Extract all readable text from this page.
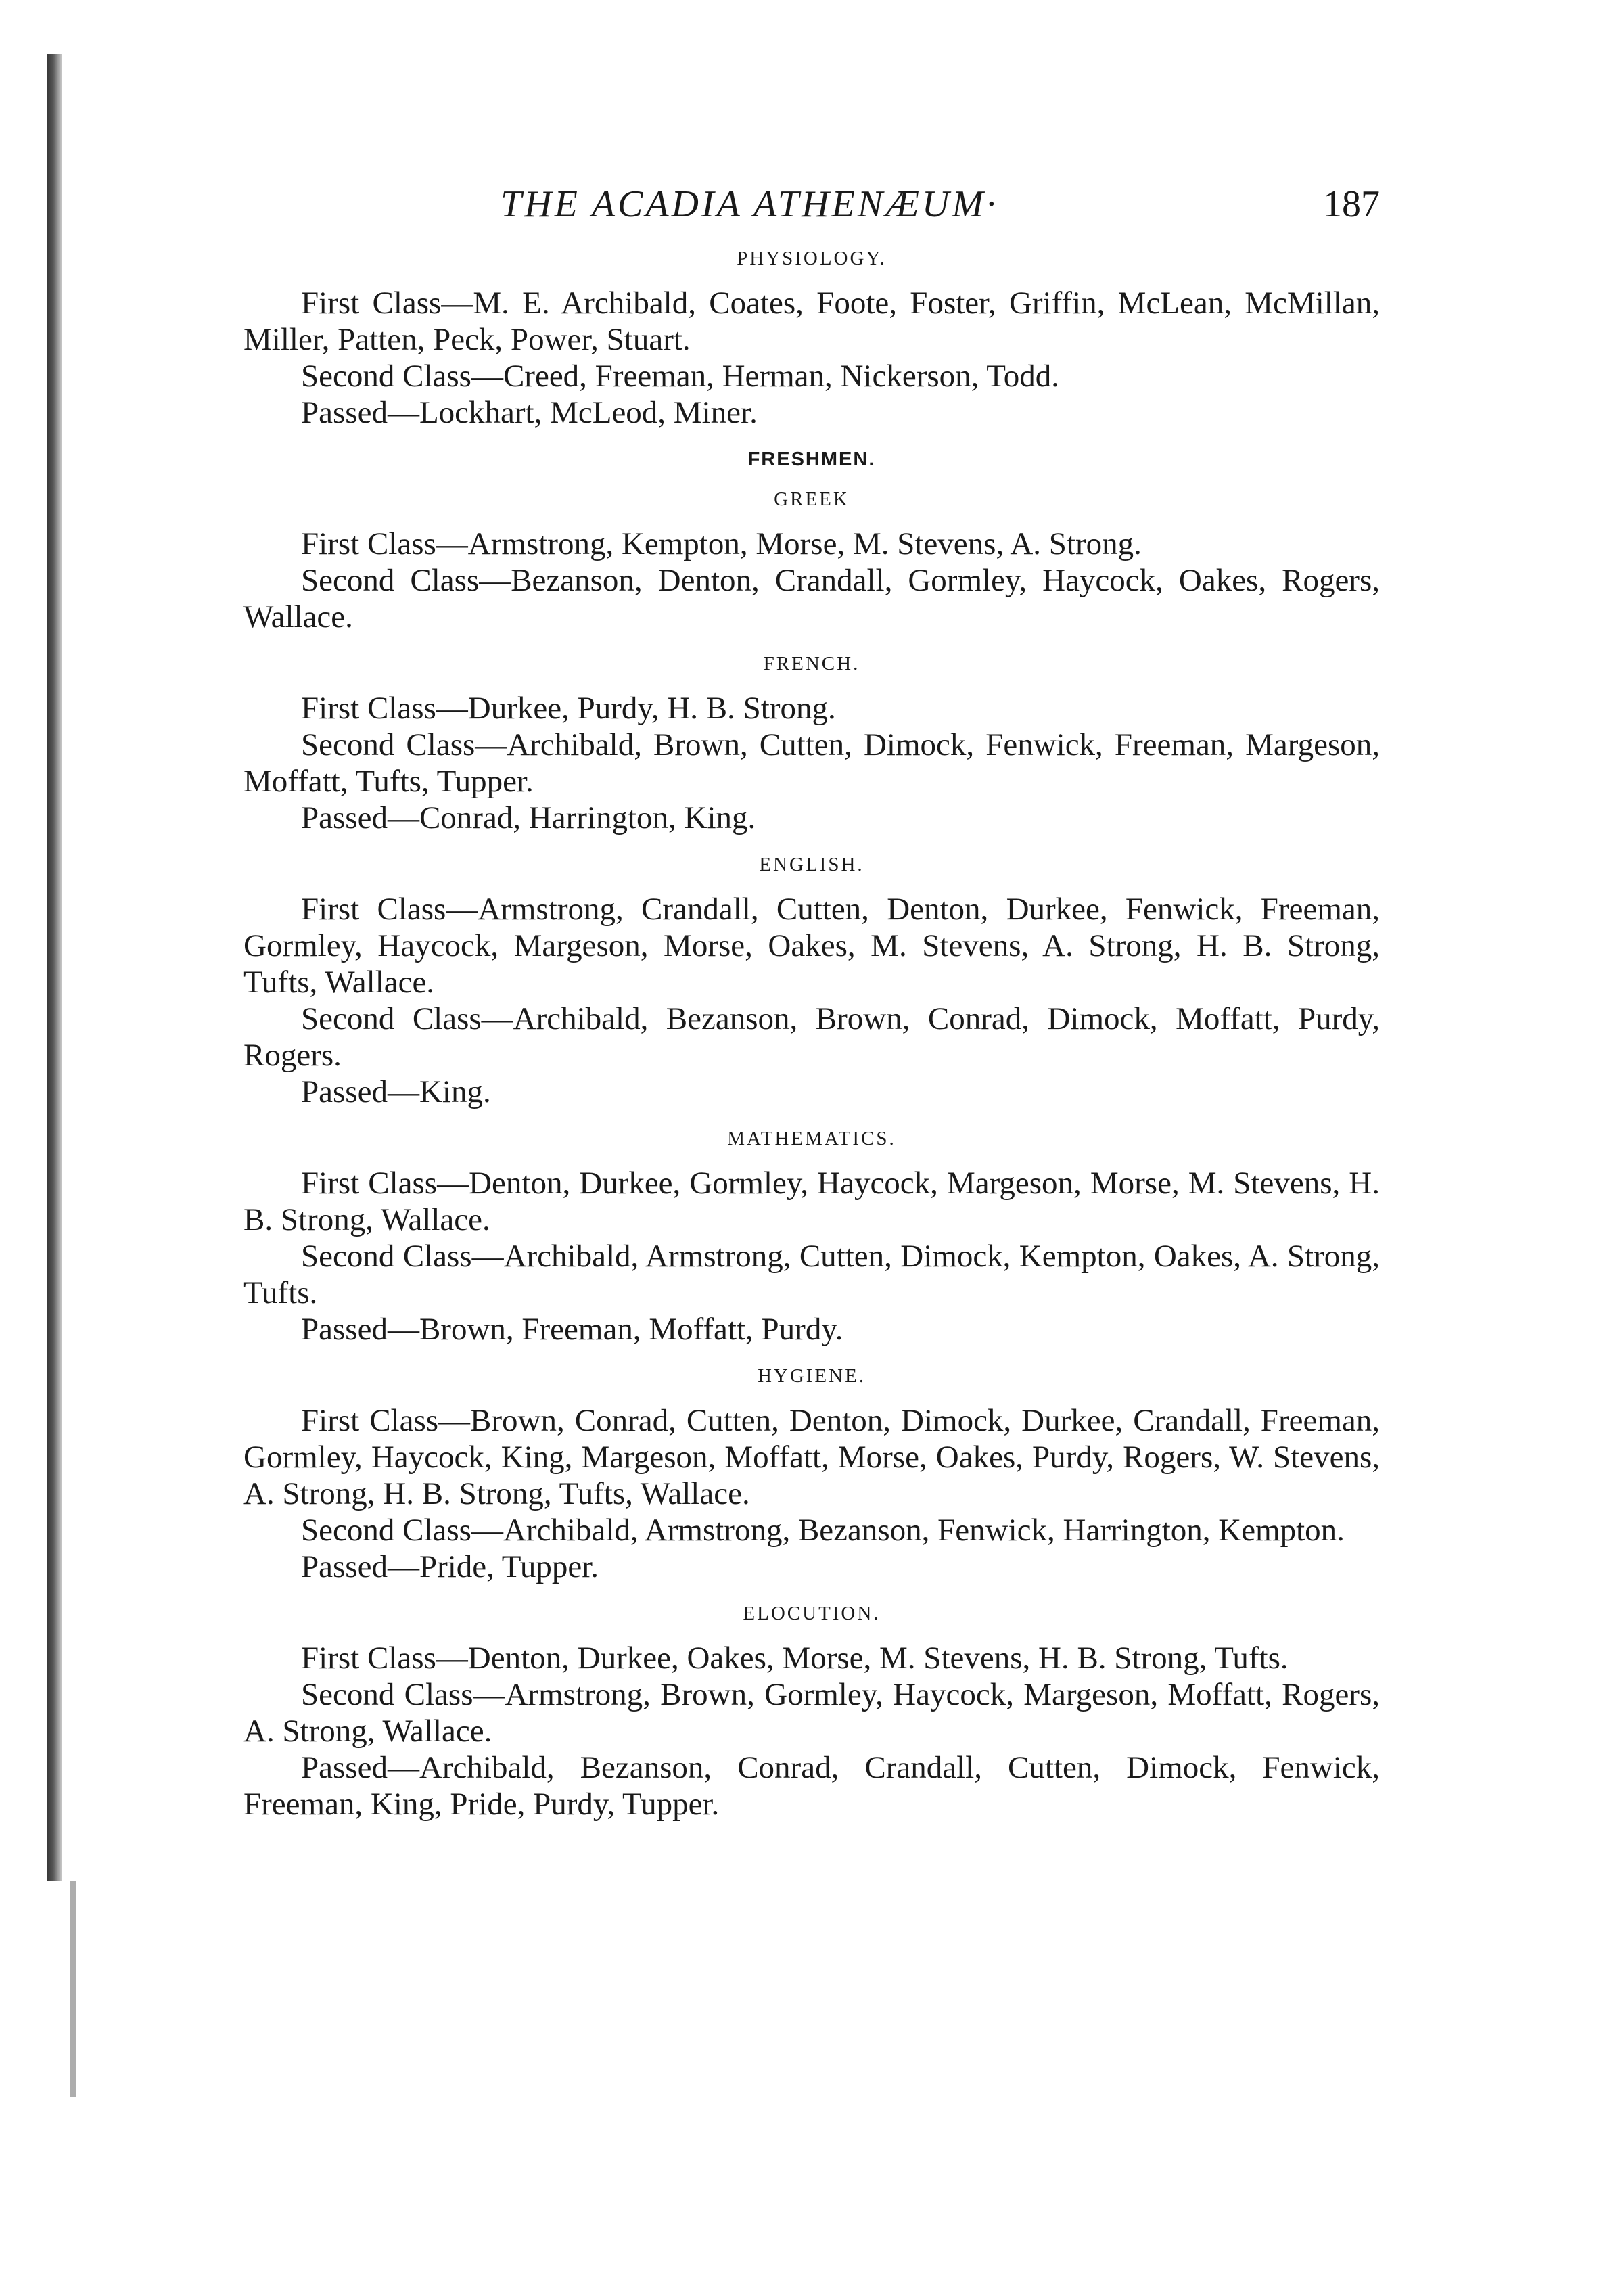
THE ACADIA ATHENÆUM·	187
PHYSIOLOGY.

First Class—M. E. Archibald, Coates, Foote, Foster, Griffin, McLean, McMillan, Miller, Patten, Peck, Power, Stuart.

Second Class—Creed, Freeman, Herman, Nickerson, Todd.

Passed—Lockhart, McLeod, Miner.

FRESHMEN.
GREEK

First Class—Armstrong, Kempton, Morse, M. Stevens, A. Strong.

Second Class—Bezanson, Denton, Crandall, Gormley, Haycock, Oakes, Rogers, Wallace.

FRENCH.

First Class—Durkee, Purdy, H. B. Strong.

Second Class—Archibald, Brown, Cutten, Dimock, Fenwick, Freeman, Margeson, Moffatt, Tufts, Tupper.

Passed—Conrad, Harrington, King.

ENGLISH.

First Class—Armstrong, Crandall, Cutten, Denton, Durkee, Fenwick, Freeman, Gormley, Haycock, Margeson, Morse, Oakes, M. Stevens, A. Strong, H. B. Strong, Tufts, Wallace.

Second Class—Archibald, Bezanson, Brown, Conrad, Dimock, Moffatt, Purdy, Rogers.

Passed—King.

MATHEMATICS.

First Class—Denton, Durkee, Gormley, Haycock, Margeson, Morse, M. Stevens, H. B. Strong, Wallace.

Second Class—Archibald, Armstrong, Cutten, Dimock, Kempton, Oakes, A. Strong, Tufts.

Passed—Brown, Freeman, Moffatt, Purdy.

HYGIENE.

First Class—Brown, Conrad, Cutten, Denton, Dimock, Durkee, Crandall, Freeman, Gormley, Haycock, King, Margeson, Moffatt, Morse, Oakes, Purdy, Rogers, W. Stevens, A. Strong, H. B. Strong, Tufts, Wallace.

Second Class—Archibald, Armstrong, Bezanson, Fenwick, Harrington, Kempton.

Passed—Pride, Tupper.

ELOCUTION.

First Class—Denton, Durkee, Oakes, Morse, M. Stevens, H. B. Strong, Tufts.

Second Class—Armstrong, Brown, Gormley, Haycock, Margeson, Moffatt, Rogers, A. Strong, Wallace.

Passed—Archibald, Bezanson, Conrad, Crandall, Cutten, Dimock, Fenwick, Freeman, King, Pride, Purdy, Tupper.
